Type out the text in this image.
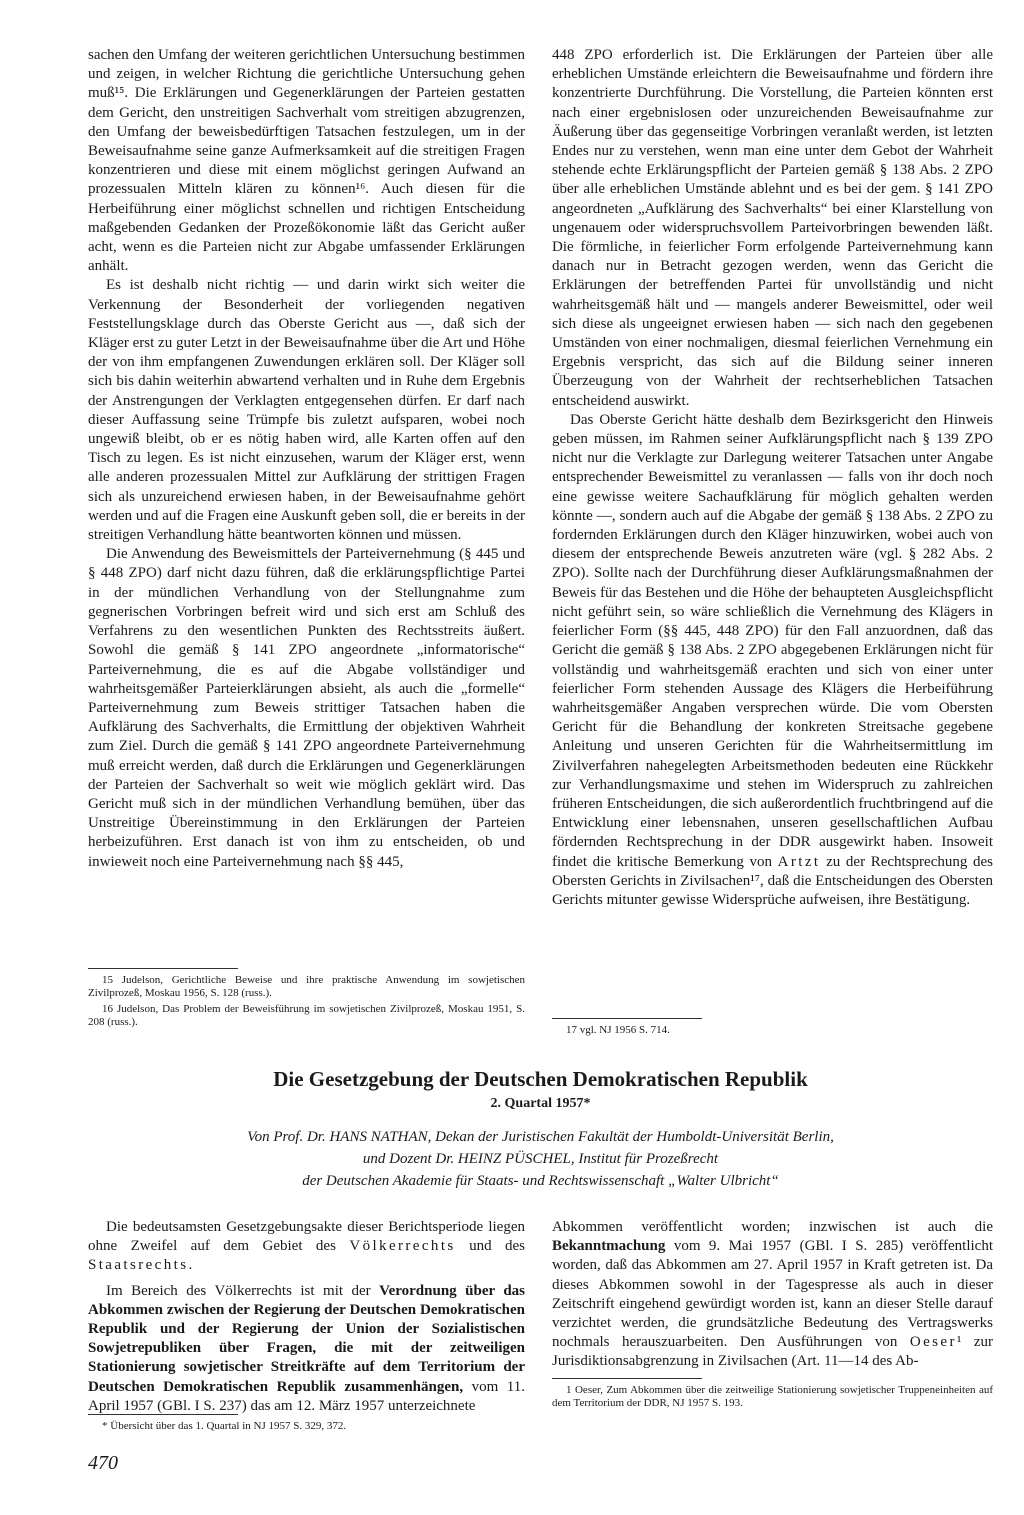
sachen den Umfang der weiteren gerichtlichen Untersuchung bestimmen und zeigen, in welcher Richtung die gerichtliche Untersuchung gehen muß¹⁵. Die Erklärungen und Gegenerklärungen der Parteien gestatten dem Gericht, den unstreitigen Sachverhalt vom streitigen abzugrenzen, den Umfang der beweisbedürftigen Tatsachen festzulegen, um in der Beweisaufnahme seine ganze Aufmerksamkeit auf die streitigen Fragen konzentrieren und diese mit einem möglichst geringen Aufwand an prozessualen Mitteln klären zu können¹⁶. Auch diesen für die Herbeiführung einer möglichst schnellen und richtigen Entscheidung maßgebenden Gedanken der Prozeßökonomie läßt das Gericht außer acht, wenn es die Parteien nicht zur Abgabe umfassender Erklärungen anhält.

Es ist deshalb nicht richtig — und darin wirkt sich weiter die Verkennung der Besonderheit der vorliegenden negativen Feststellungsklage durch das Oberste Gericht aus —, daß sich der Kläger erst zu guter Letzt in der Beweisaufnahme über die Art und Höhe der von ihm empfangenen Zuwendungen erklären soll. Der Kläger soll sich bis dahin weiterhin abwartend verhalten und in Ruhe dem Ergebnis der Anstrengungen der Verklagten entgegensehen dürfen. Er darf nach dieser Auffassung seine Trümpfe bis zuletzt aufsparen, wobei noch ungewiß bleibt, ob er es nötig haben wird, alle Karten offen auf den Tisch zu legen. Es ist nicht einzusehen, warum der Kläger erst, wenn alle anderen prozessualen Mittel zur Aufklärung der strittigen Fragen sich als unzureichend erwiesen haben, in der Beweisaufnahme gehört werden und auf die Fragen eine Auskunft geben soll, die er bereits in der streitigen Verhandlung hätte beantworten können und müssen.

Die Anwendung des Beweismittels der Parteivernehmung (§ 445 und § 448 ZPO) darf nicht dazu führen, daß die erklärungspflichtige Partei in der mündlichen Verhandlung von der Stellungnahme zum gegnerischen Vorbringen befreit wird und sich erst am Schluß des Verfahrens zu den wesentlichen Punkten des Rechtsstreits äußert. Sowohl die gemäß § 141 ZPO angeordnete „informatorische“ Parteivernehmung, die es auf die Abgabe vollständiger und wahrheitsgemäßer Parteierklärungen absieht, als auch die „formelle“ Parteivernehmung zum Beweis strittiger Tatsachen haben die Aufklärung des Sachverhalts, die Ermittlung der objektiven Wahrheit zum Ziel. Durch die gemäß § 141 ZPO angeordnete Parteivernehmung muß erreicht werden, daß durch die Erklärungen und Gegenerklärungen der Parteien der Sachverhalt so weit wie möglich geklärt wird. Das Gericht muß sich in der mündlichen Verhandlung bemühen, über das Unstreitige Übereinstimmung in den Erklärungen der Parteien herbeizuführen. Erst danach ist von ihm zu entscheiden, ob und inwieweit noch eine Parteivernehmung nach §§ 445,

448 ZPO erforderlich ist. Die Erklärungen der Parteien über alle erheblichen Umstände erleichtern die Beweisaufnahme und fördern ihre konzentrierte Durchführung. Die Vorstellung, die Parteien könnten erst nach einer ergebnislosen oder unzureichenden Beweisaufnahme zur Äußerung über das gegenseitige Vorbringen veranlaßt werden, ist letzten Endes nur zu verstehen, wenn man eine unter dem Gebot der Wahrheit stehende echte Erklärungspflicht der Parteien gemäß § 138 Abs. 2 ZPO über alle erheblichen Umstände ablehnt und es bei der gem. § 141 ZPO angeordneten „Aufklärung des Sachverhalts“ bei einer Klarstellung von ungenauem oder widerspruchsvollem Parteivorbringen bewenden läßt. Die förmliche, in feierlicher Form erfolgende Parteivernehmung kann danach nur in Betracht gezogen werden, wenn das Gericht die Erklärungen der betreffenden Partei für unvollständig und nicht wahrheitsgemäß hält und — mangels anderer Beweismittel, oder weil sich diese als ungeeignet erwiesen haben — sich nach den gegebenen Umständen von einer nochmaligen, diesmal feierlichen Vernehmung ein Ergebnis verspricht, das sich auf die Bildung seiner inneren Überzeugung von der Wahrheit der rechtserheblichen Tatsachen entscheidend auswirkt.

Das Oberste Gericht hätte deshalb dem Bezirksgericht den Hinweis geben müssen, im Rahmen seiner Aufklärungspflicht nach § 139 ZPO nicht nur die Verklagte zur Darlegung weiterer Tatsachen unter Angabe entsprechender Beweismittel zu veranlassen — falls von ihr doch noch eine gewisse weitere Sachaufklärung für möglich gehalten werden könnte —, sondern auch auf die Abgabe der gemäß § 138 Abs. 2 ZPO zu fordernden Erklärungen durch den Kläger hinzuwirken, wobei auch von diesem der entsprechende Beweis anzutreten wäre (vgl. § 282 Abs. 2 ZPO). Sollte nach der Durchführung dieser Aufklärungsmaßnahmen der Beweis für das Bestehen und die Höhe der behaupteten Ausgleichspflicht nicht geführt sein, so wäre schließlich die Vernehmung des Klägers in feierlicher Form (§§ 445, 448 ZPO) für den Fall anzuordnen, daß das Gericht die gemäß § 138 Abs. 2 ZPO abgegebenen Erklärungen nicht für vollständig und wahrheitsgemäß erachten und sich von einer unter feierlicher Form stehenden Aussage des Klägers die Herbeiführung wahrheitsgemäßer Angaben versprechen würde. Die vom Obersten Gericht für die Behandlung der konkreten Streitsache gegebene Anleitung und unseren Gerichten für die Wahrheitsermittlung im Zivilverfahren nahegelegten Arbeitsmethoden bedeuten eine Rückkehr zur Verhandlungsmaxime und stehen im Widerspruch zu zahlreichen früheren Entscheidungen, die sich außerordentlich fruchtbringend auf die Entwicklung einer lebensnahen, unseren gesellschaftlichen Aufbau fördernden Rechtsprechung in der DDR ausgewirkt haben. Insoweit findet die kritische Bemerkung von Artzt zu der Rechtsprechung des Obersten Gerichts in Zivilsachen¹⁷, daß die Entscheidungen des Obersten Gerichts mitunter gewisse Widersprüche aufweisen, ihre Bestätigung.

15 Judelson, Gerichtliche Beweise und ihre praktische Anwendung im sowjetischen Zivilprozeß, Moskau 1956, S. 128 (russ.).

16 Judelson, Das Problem der Beweisführung im sowjetischen Zivilprozeß, Moskau 1951, S. 208 (russ.).

17 vgl. NJ 1956 S. 714.

Die Gesetzgebung der Deutschen Demokratischen Republik
2. Quartal 1957*
Von Prof. Dr. HANS NATHAN, Dekan der Juristischen Fakultät der Humboldt-Universität Berlin,
und Dozent Dr. HEINZ PÜSCHEL, Institut für Prozeßrecht
der Deutschen Akademie für Staats- und Rechtswissenschaft „Walter Ulbricht“

Die bedeutsamsten Gesetzgebungsakte dieser Berichtsperiode liegen ohne Zweifel auf dem Gebiet des Völkerrechts und des Staatsrechts.

Im Bereich des Völkerrechts ist mit der Verordnung über das Abkommen zwischen der Regierung der Deutschen Demokratischen Republik und der Regierung der Union der Sozialistischen Sowjetrepubliken über Fragen, die mit der zeitweiligen Stationierung sowjetischer Streitkräfte auf dem Territorium der Deutschen Demokratischen Republik zusammenhängen, vom 11. April 1957 (GBl. I S. 237) das am 12. März 1957 unterzeichnete

Abkommen veröffentlicht worden; inzwischen ist auch die Bekanntmachung vom 9. Mai 1957 (GBl. I S. 285) veröffentlicht worden, daß das Abkommen am 27. April 1957 in Kraft getreten ist. Da dieses Abkommen sowohl in der Tagespresse als auch in dieser Zeitschrift eingehend gewürdigt worden ist, kann an dieser Stelle darauf verzichtet werden, die grundsätzliche Bedeutung des Vertragswerks nochmals herauszuarbeiten. Den Ausführungen von Oeser¹ zur Jurisdiktionsabgrenzung in Zivilsachen (Art. 11—14 des Ab-

* Übersicht über das 1. Quartal in NJ 1957 S. 329, 372.

1 Oeser, Zum Abkommen über die zeitweilige Stationierung sowjetischer Truppeneinheiten auf dem Territorium der DDR, NJ 1957 S. 193.

470
